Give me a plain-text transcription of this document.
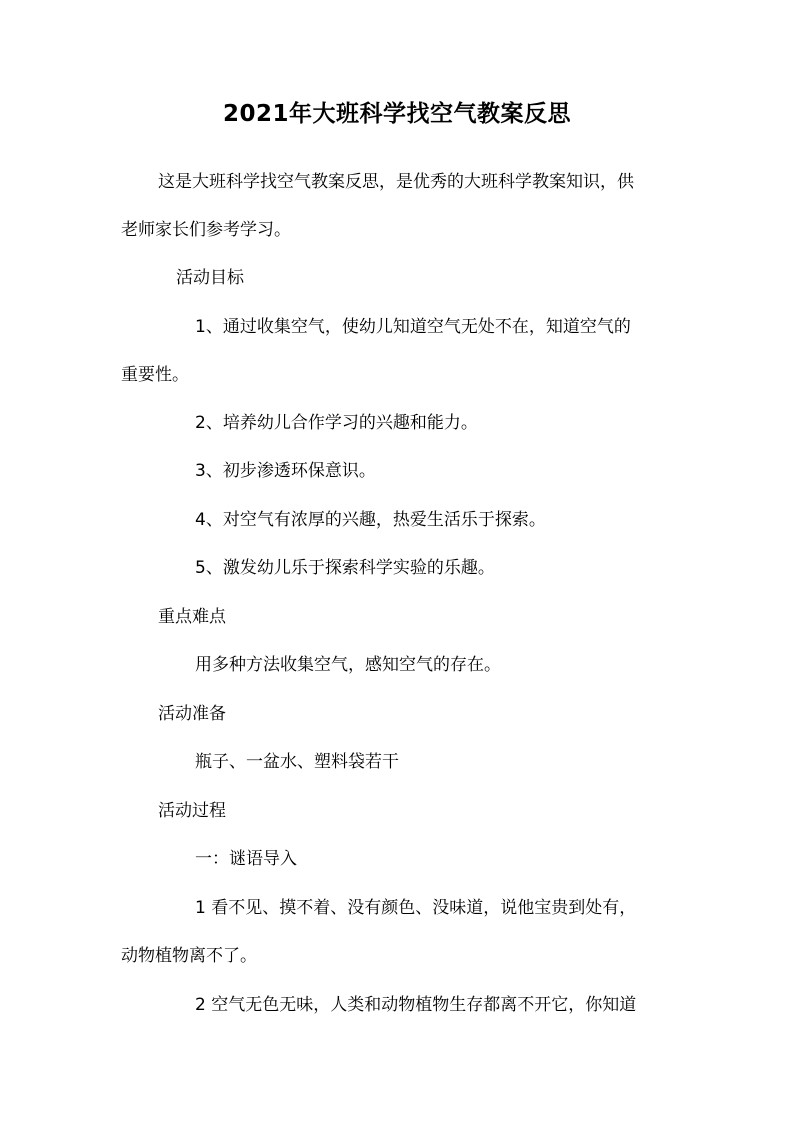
2021年大班科学找空气教案反思
这是大班科学找空气教案反思，是优秀的大班科学教案知识，供
老师家长们参考学习。
活动目标
1、通过收集空气，使幼儿知道空气无处不在，知道空气的
重要性。
2、培养幼儿合作学习的兴趣和能力。
3、初步渗透环保意识。
4、对空气有浓厚的兴趣，热爱生活乐于探索。
5、激发幼儿乐于探索科学实验的乐趣。
重点难点
用多种方法收集空气，感知空气的存在。
活动准备
瓶子、一盆水、塑料袋若干
活动过程
一：谜语导入
1 看不见、摸不着、没有颜色、没味道，说他宝贵到处有，
动物植物离不了。
2 空气无色无味，人类和动物植物生存都离不开它，你知道
